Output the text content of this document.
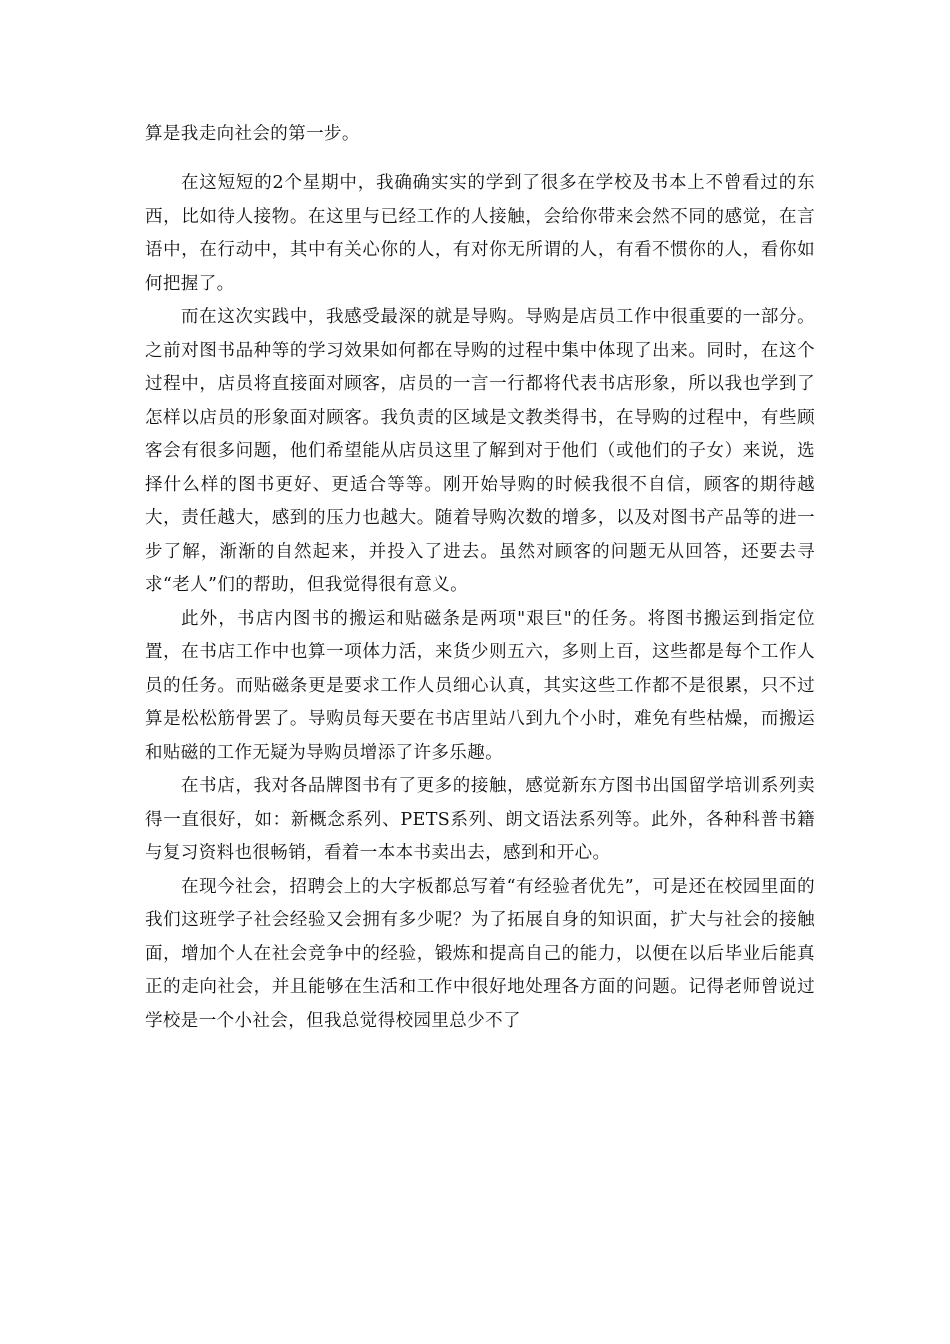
算是我走向社会的第一步。

在这短短的2个星期中，我确确实实的学到了很多在学校及书本上不曾看过的东西，比如待人接物。在这里与已经工作的人接触，会给你带来会然不同的感觉，在言语中，在行动中，其中有关心你的人，有对你无所谓的人，有看不惯你的人，看你如何把握了。

而在这次实践中，我感受最深的就是导购。导购是店员工作中很重要的一部分。之前对图书品种等的学习效果如何都在导购的过程中集中体现了出来。同时，在这个过程中，店员将直接面对顾客，店员的一言一行都将代表书店形象，所以我也学到了怎样以店员的形象面对顾客。我负责的区域是文教类得书，在导购的过程中，有些顾客会有很多问题，他们希望能从店员这里了解到对于他们（或他们的子女）来说，选择什么样的图书更好、更适合等等。刚开始导购的时候我很不自信，顾客的期待越大，责任越大，感到的压力也越大。随着导购次数的增多，以及对图书产品等的进一步了解，渐渐的自然起来，并投入了进去。虽然对顾客的问题无从回答，还要去寻求“老人”们的帮助，但我觉得很有意义。

此外，书店内图书的搬运和贴磁条是两项"艰巨"的任务。将图书搬运到指定位置，在书店工作中也算一项体力活，来货少则五六，多则上百，这些都是每个工作人员的任务。而贴磁条更是要求工作人员细心认真，其实这些工作都不是很累，只不过算是松松筋骨罢了。导购员每天要在书店里站八到九个小时，难免有些枯燥，而搬运和贴磁的工作无疑为导购员增添了许多乐趣。

在书店，我对各品牌图书有了更多的接触，感觉新东方图书出国留学培训系列卖得一直很好，如：新概念系列、PETS系列、朗文语法系列等。此外，各种科普书籍与复习资料也很畅销，看着一本本书卖出去，感到和开心。

在现今社会，招聘会上的大字板都总写着“有经验者优先”，可是还在校园里面的我们这班学子社会经验又会拥有多少呢？为了拓展自身的知识面，扩大与社会的接触面，增加个人在社会竞争中的经验，锻炼和提高自己的能力，以便在以后毕业后能真正的走向社会，并且能够在生活和工作中很好地处理各方面的问题。记得老师曾说过学校是一个小社会，但我总觉得校园里总少不了
